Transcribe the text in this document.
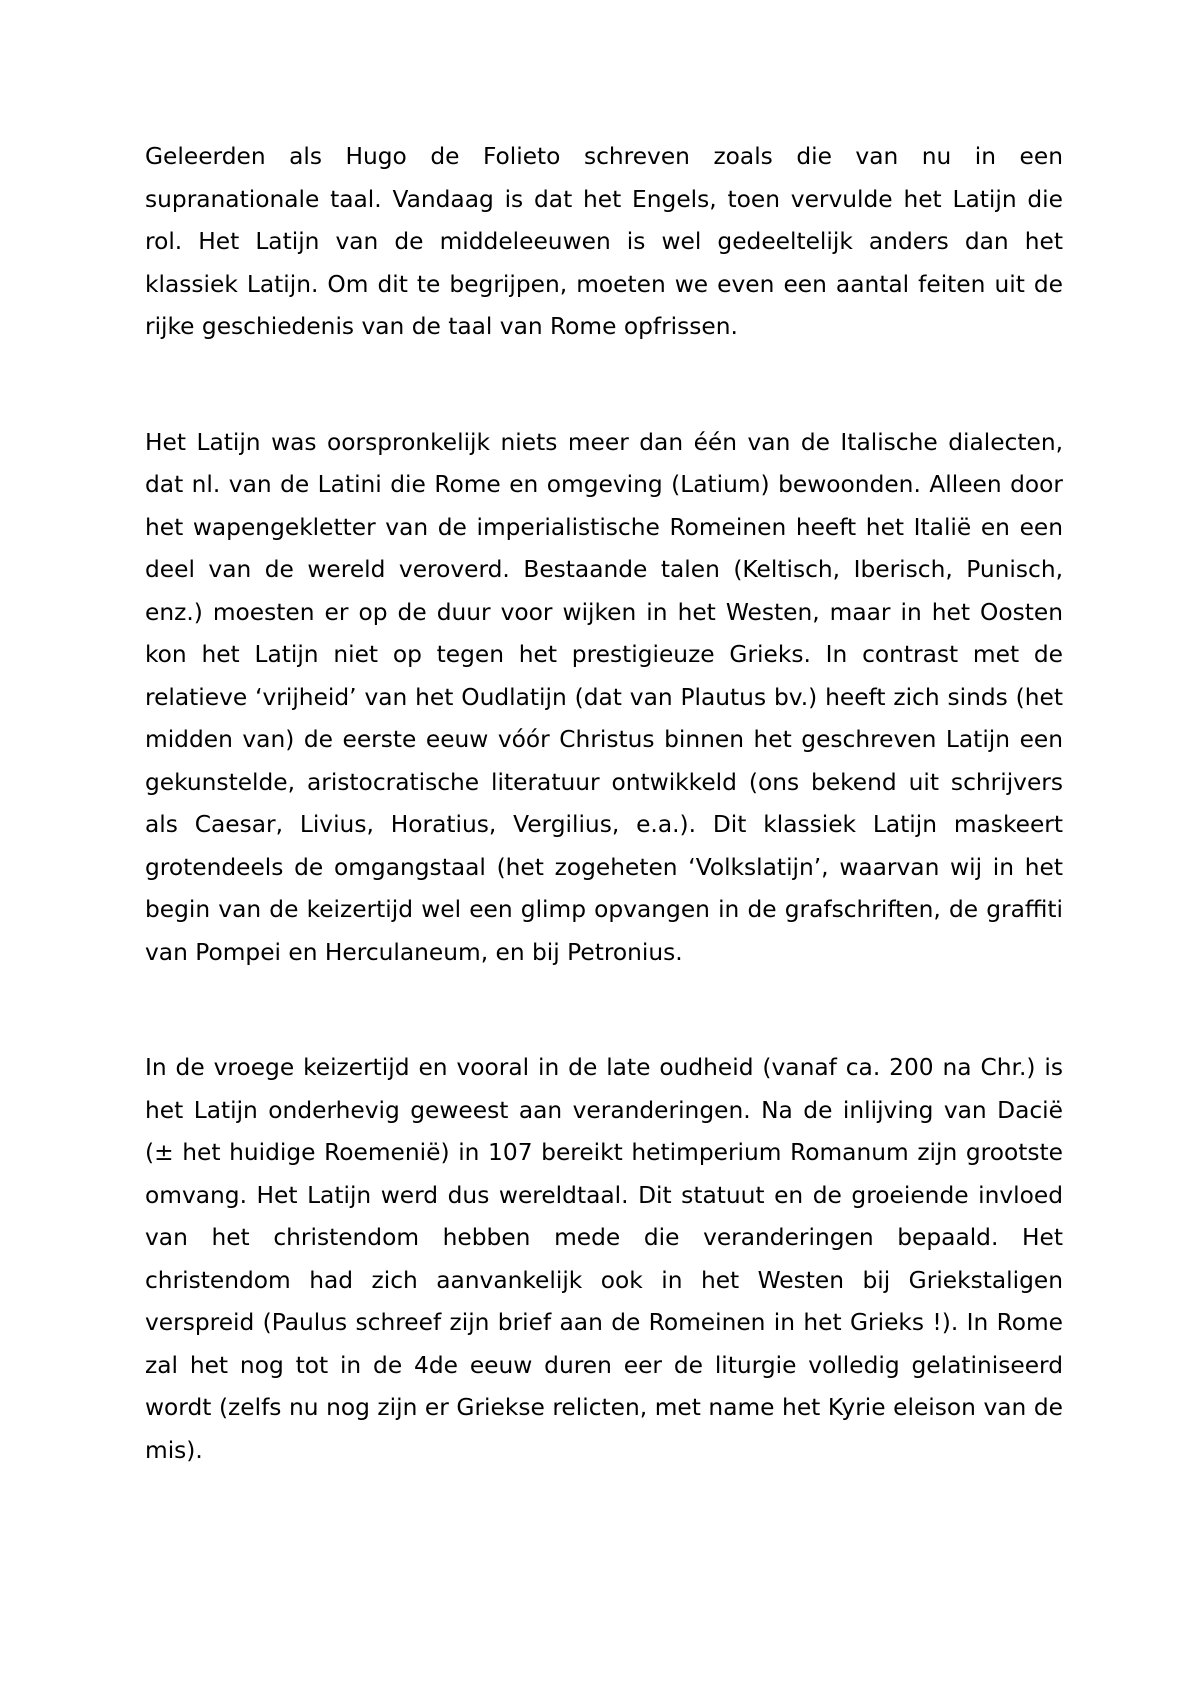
Geleerden als Hugo de Folieto schreven zoals die van nu in een supranationale taal. Vandaag is dat het Engels, toen vervulde het Latijn die rol. Het Latijn van de middeleeuwen is wel gedeeltelijk anders dan het klassiek Latijn. Om dit te begrijpen, moeten we even een aantal feiten uit de rijke geschiedenis van de taal van Rome opfrissen.

Het Latijn was oorspronkelijk niets meer dan één van de Italische dialecten, dat nl. van de Latini die Rome en omgeving (Latium) bewoonden. Alleen door het wapengekletter van de imperialistische Romeinen heeft het Italië en een deel van de wereld veroverd. Bestaande talen (Keltisch, Iberisch, Punisch, enz.) moesten er op de duur voor wijken in het Westen, maar in het Oosten kon het Latijn niet op tegen het prestigieuze Grieks. In contrast met de relatieve ‘vrijheid’ van het Oudlatijn (dat van Plautus bv.) heeft zich sinds (het midden van) de eerste eeuw vóór Christus binnen het geschreven Latijn een gekunstelde, aristocratische literatuur ontwikkeld (ons bekend uit schrijvers als Caesar, Livius, Horatius, Vergilius, e.a.). Dit klassiek Latijn maskeert grotendeels de omgangstaal (het zogeheten ‘Volkslatijn’, waarvan wij in het begin van de keizertijd wel een glimp opvangen in de grafschriften, de graffiti van Pompei en Herculaneum, en bij Petronius.

In de vroege keizertijd en vooral in de late oudheid (vanaf ca. 200 na Chr.) is het Latijn onderhevig geweest aan veranderingen. Na de inlijving van Dacië (± het huidige Roemenië) in 107 bereikt hetimperium Romanum zijn grootste omvang. Het Latijn werd dus wereldtaal. Dit statuut en de groeiende invloed van het christendom hebben mede die veranderingen bepaald. Het christendom had zich aanvankelijk ook in het Westen bij Griekstaligen verspreid (Paulus schreef zijn brief aan de Romeinen in het Grieks !). In Rome zal het nog tot in de 4de eeuw duren eer de liturgie volledig gelatiniseerd wordt (zelfs nu nog zijn er Griekse relicten, met name het Kyrie eleison van de mis).
